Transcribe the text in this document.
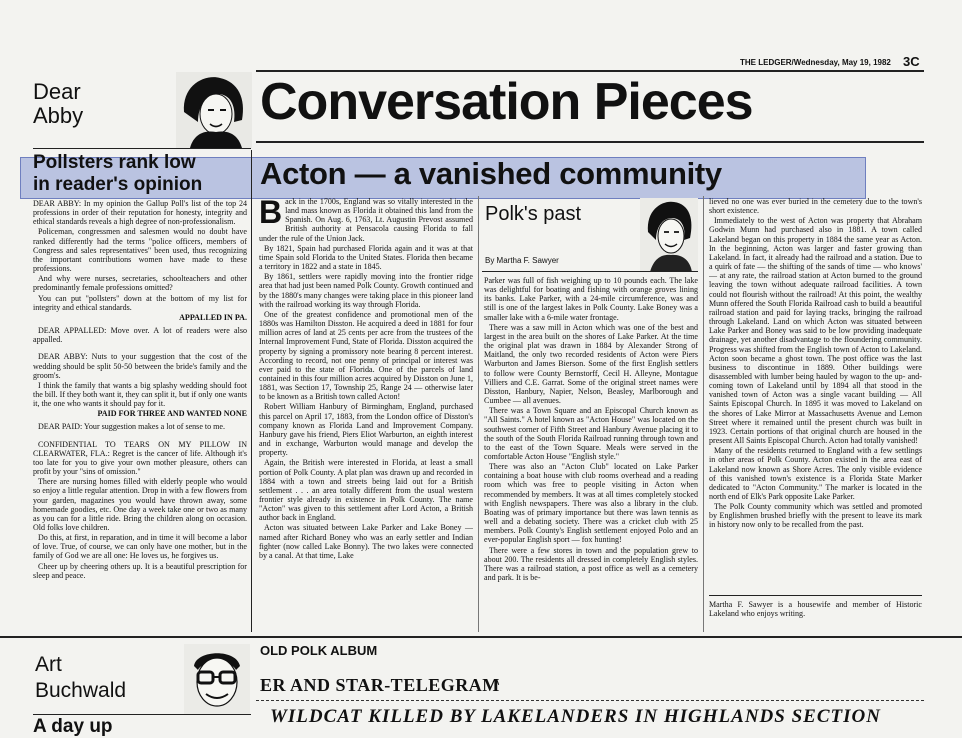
THE LEDGER/Wednesday, May 19, 1982 3C
Dear
Abby	Conversation Pieces
Pollsters rank low
in reader's opinion Acton — a vanished community

DEAR ABBY: In my opinion the Gallup Poll's list of the top 24 professions in order of their reputation for honesty, integrity and ethical standards reveals a high degree of non-professionalism.

Policeman, congressmen and salesmen would no doubt have ranked differently had the terms "police officers, members of Congress and sales representatives" been used, thus recognizing the important contributions women have made to these professions.

And why were nurses, secretaries, schoolteachers and other predominantly female professions omitted?

You can put "pollsters" down at the bottom of my list for integrity and ethical standards.

APPALLED IN PA.

DEAR APPALLED: Move over. A lot of readers were also appalled.

DEAR ABBY: Nuts to your suggestion that the cost of the wedding should be split 50-50 between the bride's family and the groom's.

I think the family that wants a big splashy wedding should foot the bill. If they both want it, they can split it, but if only one wants it, the one who wants it should pay for it.

PAID FOR THREE AND WANTED NONE

DEAR PAID: Your suggestion makes a lot of sense to me.

CONFIDENTIAL TO TEARS ON MY PILLOW IN CLEARWATER, FLA.: Regret is the cancer of life. Although it's too late for you to give your own mother pleasure, others can profit by your "sins of omission."

There are nursing homes filled with elderly people who would so enjoy a little regular attention. Drop in with a few flowers from your garden, magazines you would have thrown away, some homemade goodies, etc. One day a week take one or two as many as you can for a little ride. Bring the children along on occasion. Old folks love children.

Do this, at first, in reparation, and in time it will become a labor of love. True, of course, we can only have one mother, but in the family of God we are all one: He loves us, he forgives us.

Cheer up by cheering others up. It is a beautiful prescription for sleep and peace.

B ack in the 1700s, England was so vitally interested in the land mass known as Florida it obtained this land from the Spanish. On Aug. 6, 1763, Lt. Augustin Prevost assumed British authority at Pensacola causing Florida to fall under the rule of the Union Jack.

By 1821, Spain had purchased Florida again and it was at that time Spain sold Florida to the United States. Florida then became a territory in 1822 and a state in 1845.

By 1861, settlers were rapidly moving into the frontier ridge area that had just been named Polk County. Growth continued and by the 1880's many changes were taking place in this pioneer land with the railroad working its way through Florida.

One of the greatest confidence and promotional men of the 1880s was Hamilton Disston. He acquired a deed in 1881 for four million acres of land at 25 cents per acre from the trustees of the Internal Improvement Fund, State of Florida. Disston acquired the property by signing a promissory note bearing 8 percent interest. According to record, not one penny of principal or interest was ever paid to the state of Florida. One of the parcels of land contained in this four million acres acquired by Disston on June 1, 1881, was Section 17, Township 25, Range 24 — otherwise later to be known as a British town called Acton!

Robert William Hanbury of Birmingham, England, purchased this parcel on April 17, 1883, from the London office of Disston's company known as Florida Land and Improvement Company. Hanbury gave his friend, Piers Eliot Warburton, an eighth interest and in exchange, Warburton would manage and develop the property.

Again, the British were interested in Florida, at least a small portion of Polk County. A plat plan was drawn up and recorded in 1884 with a town and streets being laid out for a British settlement . . . an area totally different from the usual western frontier style already in existence in Polk County. The name "Acton" was given to this settlement after Lord Acton, a British author back in England.

Acton was situated between Lake Parker and Lake Boney — named after Richard Boney who was an early settler and Indian fighter (now called Lake Bonny). The two lakes were connected by a canal. At that time, Lake

Polk's past
By Martha F. Sawyer

Parker was full of fish weighing up to 10 pounds each. The lake was delightful for boating and fishing with orange groves lining its banks. Lake Parker, with a 24-mile circumference, was and still is one of the largest lakes in Polk County. Lake Boney was a smaller lake with a 6-mile water frontage.

There was a saw mill in Acton which was one of the best and largest in the area built on the shores of Lake Parker. At the time the original plat was drawn in 1884 by Alexander Strong of Maitland, the only two recorded residents of Acton were Piers Warburton and James Bierson. Some of the first English settlers to follow were County Bernstorff, Cecil H. Alleyne, Montague Villiers and C.E. Garrat. Some of the original street names were Disston, Hanbury, Napier, Nelson, Beasley, Marlborough and Cumbee — all avenues.

There was a Town Square and an Episcopal Church known as "All Saints." A hotel known as "Acton House" was located on the southwest corner of Fifth Street and Hanbury Avenue placing it to the south of the South Florida Railroad running through town and to the east of the Town Square. Meals were served in the comfortable Acton House "English style."

There was also an "Acton Club" located on Lake Parker containing a boat house with club rooms overhead and a reading room which was free to people visiting in Acton when recommended by members. It was at all times completely stocked with English newspapers. There was also a library in the club. Boating was of primary importance but there was lawn tennis as well and a debating society. There was a cricket club with 25 members. Polk County's English settlement enjoyed Polo and an ever-popular English sport — fox hunting!

There were a few stores in town and the population grew to about 200. The residents all dressed in completely English styles. There was a railroad station, a post office as well as a cemetery and park. It is be-

lieved no one was ever buried in the cemetery due to the town's short existence.

Immediately to the west of Acton was property that Abraham Godwin Munn had purchased also in 1881. A town called Lakeland began on this property in 1884 the same year as Acton. In the beginning, Acton was larger and faster growing than Lakeland. In fact, it already had the railroad and a station. Due to a quirk of fate — the shifting of the sands of time — who knows' — at any rate, the railroad station at Acton burned to the ground leaving the town without adequate railroad facilities. A town could not flourish without the railroad! At this point, the wealthy Munn offered the South Florida Railroad cash to build a beautiful railroad station and paid for laying tracks, bringing the railroad through Lakeland. Land on which Acton was situated between Lake Parker and Boney was said to be low providing inadequate drainage, yet another disadvantage to the floundering community. Progress was shifted from the English town of Acton to Lakeland. Acton soon became a ghost town. The post office was the last business to discontinue in 1889. Other buildings were disassembled with lumber being hauled by wagon to the up- and-coming town of Lakeland until by 1894 all that stood in the vanished town of Acton was a single vacant building — All Saints Episcopal Church. In 1895 it was moved to Lakeland on the shores of Lake Mirror at Massachusetts Avenue and Lemon Street where it remained until the present church was built in 1923. Certain portions of that original church are housed in the present All Saints Episcopal Church. Acton had totally vanished!

Many of the residents returned to England with a few settlings in other areas of Polk County. Acton existed in the area east of Lakeland now known as Shore Acres. The only visible evidence of this vanished town's existence is a Florida State Marker dedicated to "Acton Community." The marker is located in the north end of Elk's Park opposite Lake Parker.

The Polk County community which was settled and promoted by Englishmen brushed briefly with the present to leave its mark in history now only to be recalled from the past.

Martha F. Sawyer is a housewife and member of Historic Lakeland who enjoys writing.

Art
Buchwald
A day up
OLD POLK ALBUM
ER AND STAR-TELEGRAM
WILDCAT KILLED BY LAKELANDERS IN HIGHLANDS SECTION
